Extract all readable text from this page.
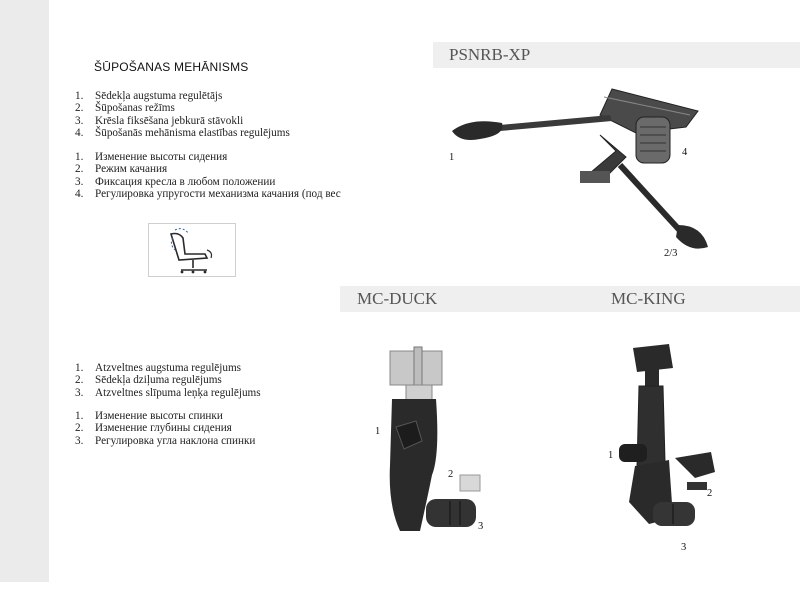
ŠŪPOŠANAS MEHĀNISMS
1. Sēdekļa augstuma regulētājs
2. Šūpošanas režīms
3. Krēsla fiksēšana jebkurā stāvokli
4. Šūpošanās mehānisma elastības regulējums
1. Изменение высоты сидения
2. Режим качания
3. Фиксация кресла в любом положении
4. Регулировка упругости механизма качания (под вес
1. Atzveltnes augstuma regulējums
2. Sēdekļa dziļuma regulējums
3. Atzveltnes slīpuma leņķa regulējums
1. Изменение высоты спинки
2. Изменение глубины сидения
3. Регулировка угла наклона спинки
PSNRB-XP
MC-DUCK	MC-KING
1	4
2/3
1
2
3
1
2
3
